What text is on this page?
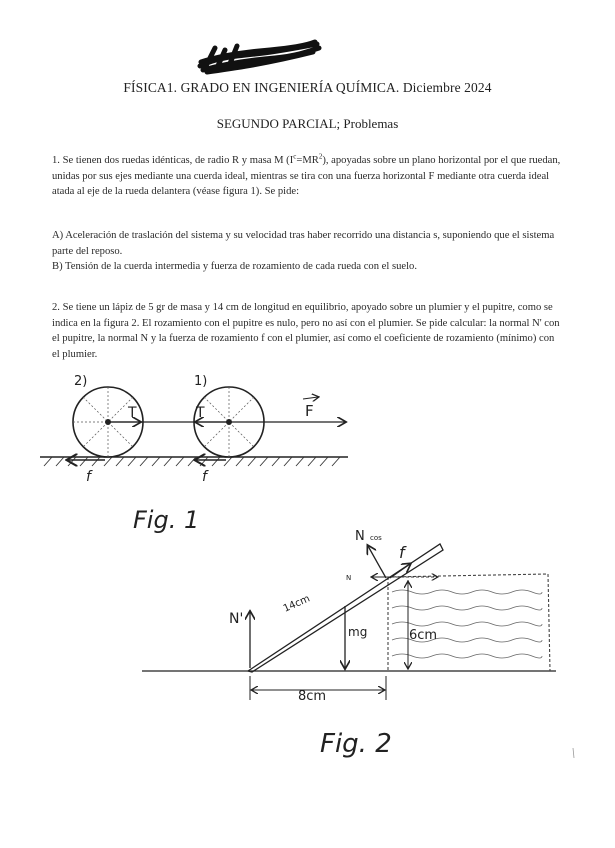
FÍSICA1. GRADO EN INGENIERÍA QUÍMICA. Diciembre 2024
SEGUNDO PARCIAL; Problemas
1. Se tienen dos ruedas idénticas, de radio R y masa M $(I^c=MR^2)$, apoyadas sobre un plano horizontal por el que ruedan, unidas por sus ejes mediante una cuerda ideal, mientras se tira con una fuerza horizontal F mediante otra cuerda ideal atada al eje de la rueda delantera (véase figura 1). Se pide:
A) Aceleración de traslación del sistema y su velocidad tras haber recorrido una distancia s, suponiendo que el sistema parte del reposo.
B) Tensión de la cuerda intermedia y fuerza de rozamiento de cada rueda con el suelo.
2. Se tiene un lápiz de 5 gr de masa y 14 cm de longitud en equilibrio, apoyado sobre un plumier y el pupitre, como se indica en la figura 2. El rozamiento con el pupitre es nulo, pero no así con el plumier. Se pide calcular: la normal N' con el pupitre, la normal N y la fuerza de rozamiento f con el plumier, así como el coeficiente de rozamiento (mínimo) con el plumier.
2)	1)
T	T	F
f	f
Fig. 1
N'
N
f
cos
N
mg
14cm
6cm
8cm
Fig. 2
